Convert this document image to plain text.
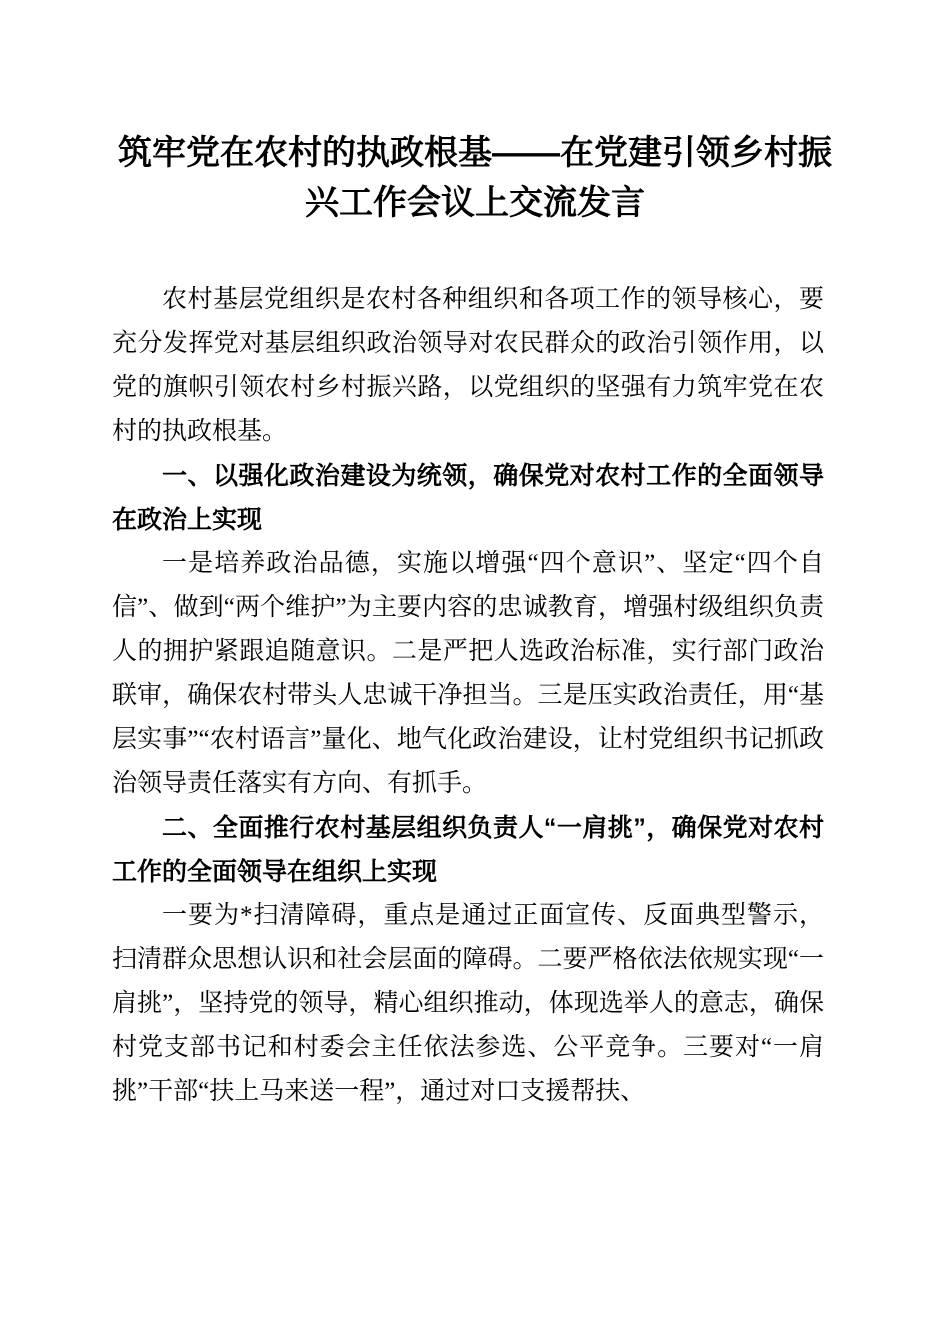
筑牢党在农村的执政根基——在党建引领乡村振兴工作会议上交流发言

农村基层党组织是农村各种组织和各项工作的领导核心，要充分发挥党对基层组织政治领导对农民群众的政治引领作用，以党的旗帜引领农村乡村振兴路，以党组织的坚强有力筑牢党在农村的执政根基。

一、以强化政治建设为统领，确保党对农村工作的全面领导在政治上实现

一是培养政治品德，实施以增强“四个意识”、坚定“四个自信”、做到“两个维护”为主要内容的忠诚教育，增强村级组织负责人的拥护紧跟追随意识。二是严把人选政治标准，实行部门政治联审，确保农村带头人忠诚干净担当。三是压实政治责任，用“基层实事”“农村语言”量化、地气化政治建设，让村党组织书记抓政治领导责任落实有方向、有抓手。

二、全面推行农村基层组织负责人“一肩挑”，确保党对农村工作的全面领导在组织上实现

一要为*扫清障碍，重点是通过正面宣传、反面典型警示，扫清群众思想认识和社会层面的障碍。二要严格依法依规实现“一肩挑”，坚持党的领导，精心组织推动，体现选举人的意志，确保村党支部书记和村委会主任依法参选、公平竞争。三要对“一肩挑”干部“扶上马来送一程”，通过对口支援帮扶、
